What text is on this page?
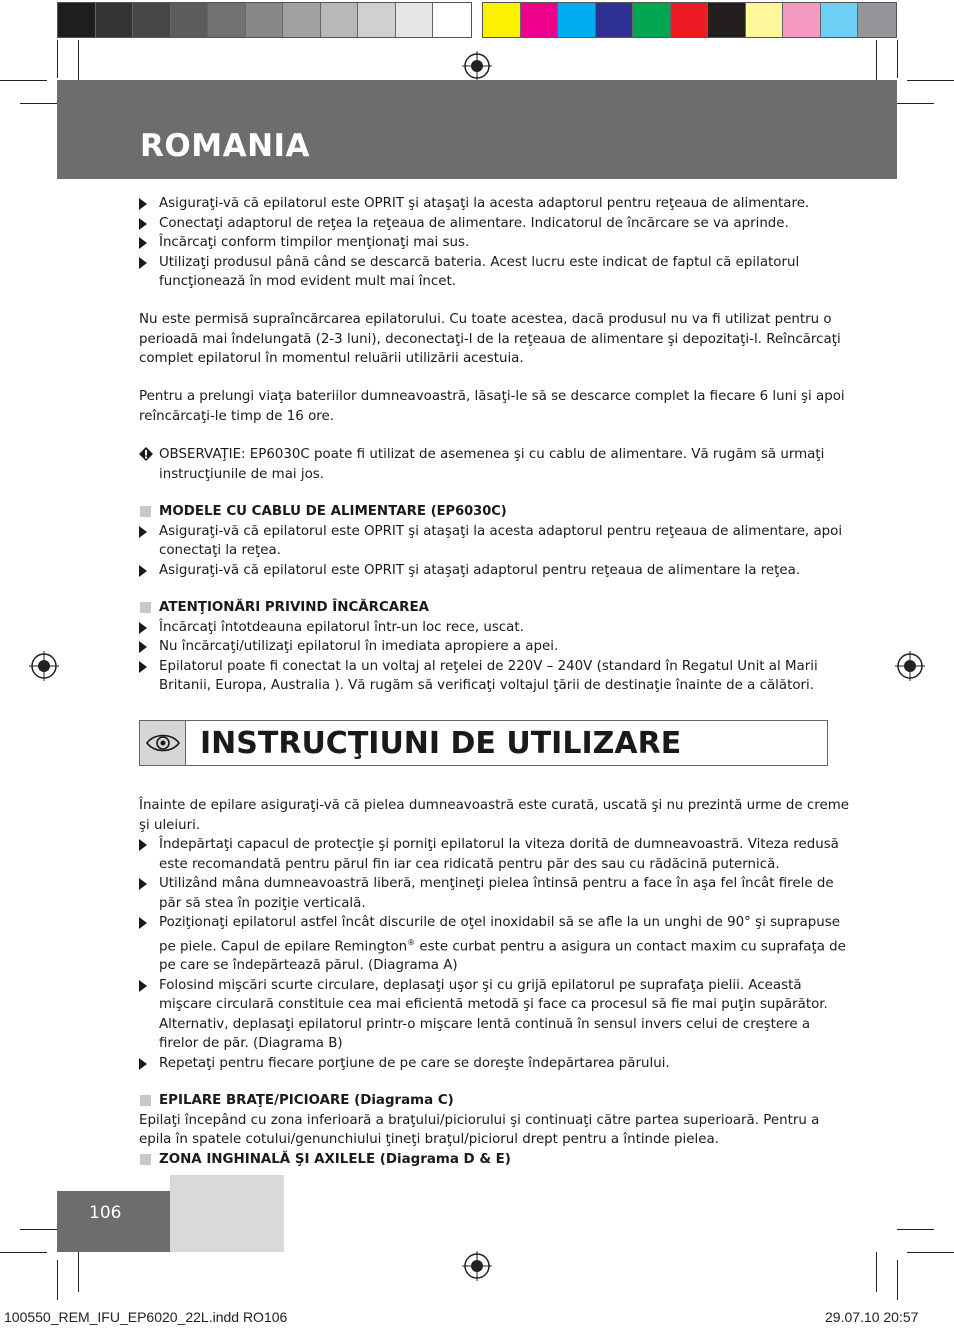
ROMANIA
Asiguraţi-vă că epilatorul este OPRIT şi ataşaţi la acesta adaptorul pentru reţeaua de alimentare.
Conectaţi adaptorul de reţea la reţeaua de alimentare. Indicatorul de încărcare se va aprinde.
Încărcaţi conform timpilor menţionaţi mai sus.
Utilizaţi produsul până când se descarcă bateria. Acest lucru este indicat de faptul că epilatorul funcţionează în mod evident mult mai încet.
Nu este permisă supraîncărcarea epilatorului. Cu toate acestea, dacă produsul nu va fi utilizat pentru o perioadă mai îndelungată (2-3 luni), deconectaţi-l de la reţeaua de alimentare şi depozitaţi-l. Reîncărcaţi complet epilatorul în momentul reluării utilizării acestuia.
Pentru a prelungi viaţa bateriilor dumneavoastră, lăsaţi-le să se descarce complet la fiecare 6 luni şi apoi reîncărcaţi-le timp de 16 ore.
OBSERVAŢIE: EP6030C poate fi utilizat de asemenea şi cu cablu de alimentare. Vă rugăm să urmaţi instrucţiunile de mai jos.
MODELE CU CABLU DE ALIMENTARE (EP6030C)
Asiguraţi-vă că epilatorul este OPRIT şi ataşaţi la acesta adaptorul pentru reţeaua de alimentare, apoi conectaţi la reţea.
Asiguraţi-vă că epilatorul este OPRIT şi ataşaţi adaptorul pentru reţeaua de alimentare la reţea.
ATENŢIONĂRI PRIVIND ÎNCĂRCAREA
Încărcaţi întotdeauna epilatorul într-un loc rece, uscat.
Nu încărcaţi/utilizaţi epilatorul în imediata apropiere a apei.
Epilatorul poate fi conectat la un voltaj al reţelei de 220V – 240V (standard în Regatul Unit al Marii Britanii, Europa, Australia ). Vă rugăm să verificaţi voltajul ţării de destinaţie înainte de a călători.
INSTRUCŢIUNI DE UTILIZARE
Înainte de epilare asiguraţi-vă că pielea dumneavoastră este curată, uscată şi nu prezintă urme de creme şi uleiuri.
Îndepărtaţi capacul de protecţie şi porniţi epilatorul la viteza dorită de dumneavoastră. Viteza redusă este recomandată pentru părul fin iar cea ridicată pentru păr des sau cu rădăcină puternică.
Utilizând mâna dumneavoastră liberă, menţineţi pielea întinsă pentru a face în aşa fel încât firele de păr să stea în poziţie verticală.
Poziţionaţi epilatorul astfel încât discurile de oţel inoxidabil să se afle la un unghi de 90° şi suprapuse pe piele. Capul de epilare Remington® este curbat pentru a asigura un contact maxim cu suprafaţa de pe care se îndepărtează părul. (Diagrama A)
Folosind mişcări scurte circulare, deplasaţi uşor şi cu grijă epilatorul pe suprafaţa pielii. Această mişcare circulară constituie cea mai eficientă metodă şi face ca procesul să fie mai puţin supărător. Alternativ, deplasaţi epilatorul printr-o mişcare lentă continuă în sensul invers celui de creştere a firelor de păr. (Diagrama B)
Repetaţi pentru fiecare porţiune de pe care se doreşte îndepărtarea părului.
EPILARE BRAŢE/PICIOARE (Diagrama C)
Epilaţi începând cu zona inferioară a braţului/piciorului şi continuaţi către partea superioară. Pentru a epila în spatele cotului/genunchiului ţineţi braţul/piciorul drept pentru a întinde pielea.
ZONA INGHINALĂ ŞI AXILELE (Diagrama D & E)
106
100550_REM_IFU_EP6020_22L.indd RO106	29.07.10 20:57
